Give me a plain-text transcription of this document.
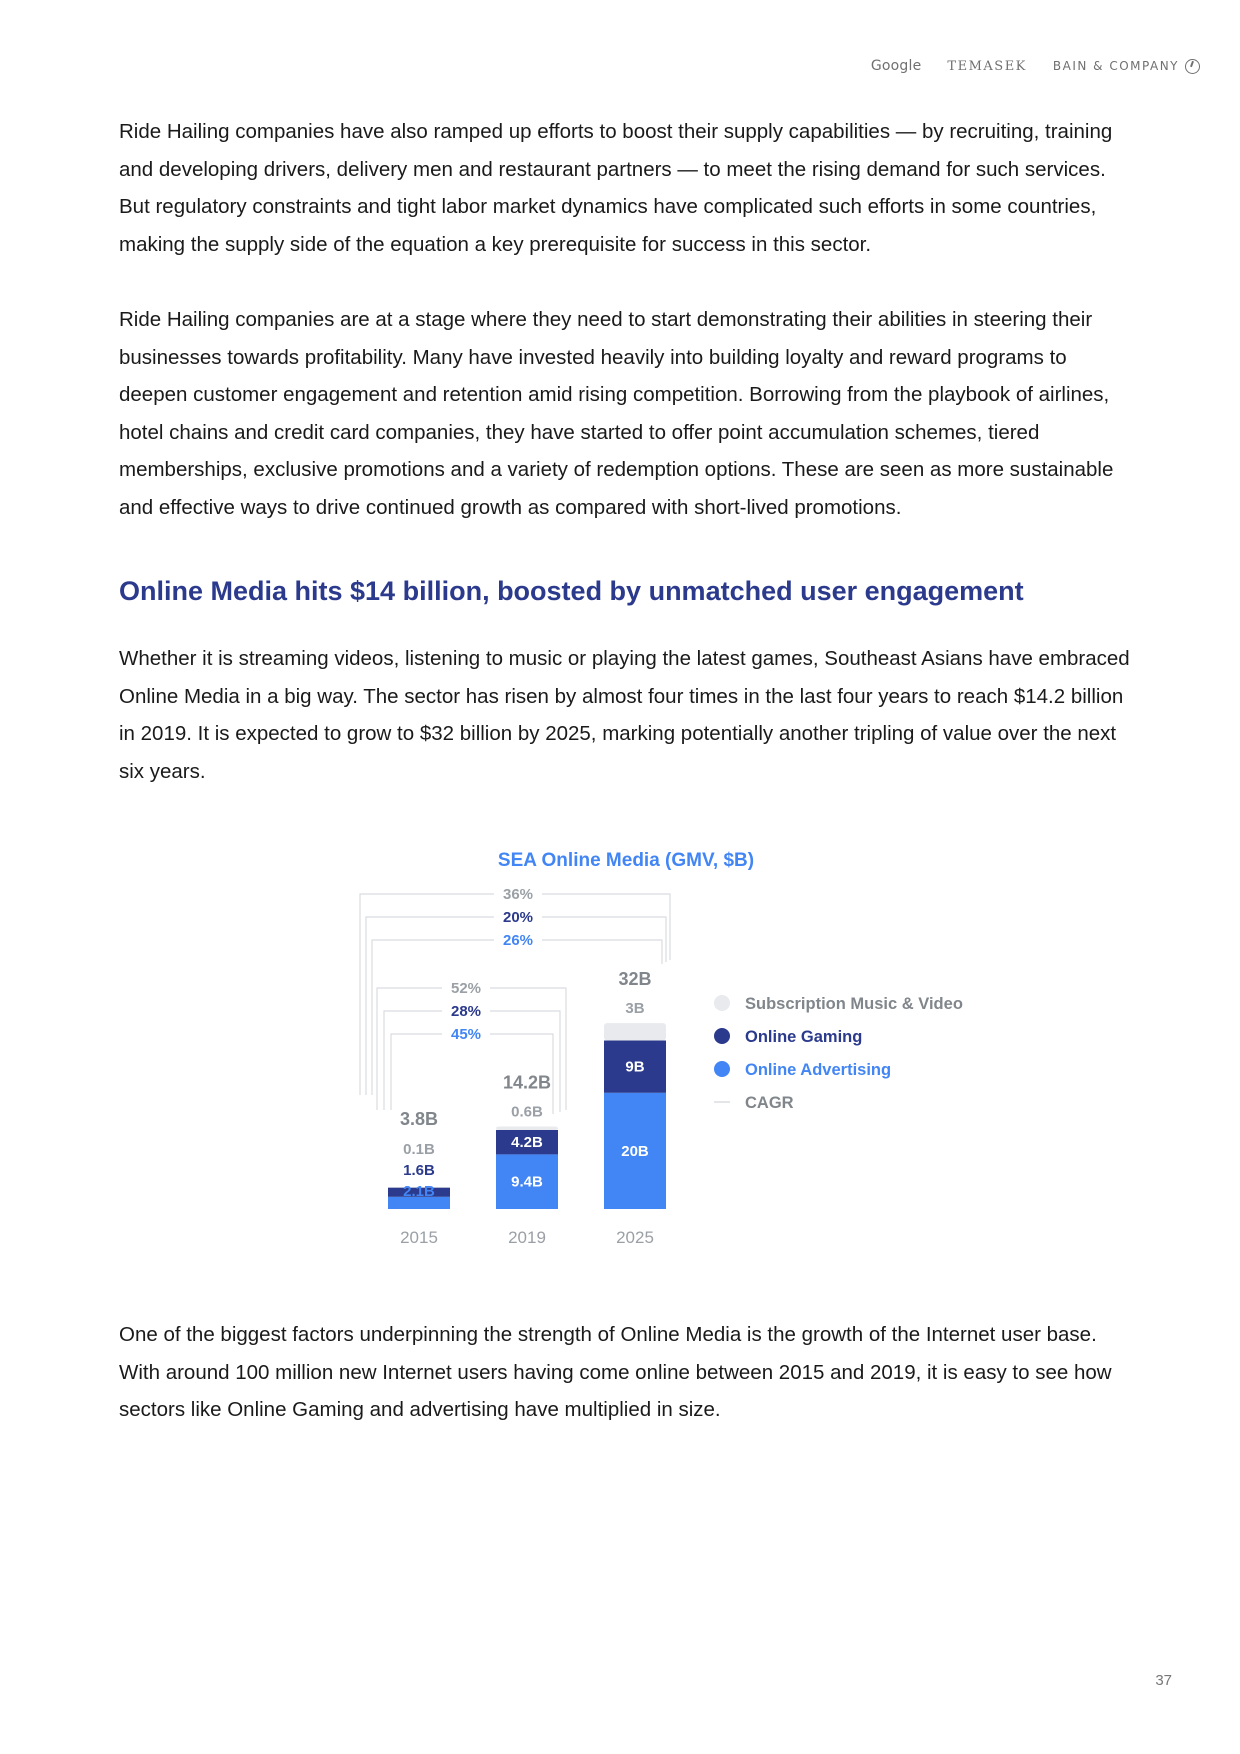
Google TEMASEK BAIN & COMPANY

Ride Hailing companies have also ramped up efforts to boost their supply capabilities — by recruiting, training and developing drivers, delivery men and restaurant partners — to meet the rising demand for such services. But regulatory constraints and tight labor market dynamics have complicated such efforts in some countries, making the supply side of the equation a key prerequisite for success in this sector.

Ride Hailing companies are at a stage where they need to start demonstrating their abilities in steering their businesses towards profitability. Many have invested heavily into building loyalty and reward programs to deepen customer engagement and retention amid rising competition. Borrowing from the playbook of airlines, hotel chains and credit card companies, they have started to offer point accumulation schemes, tiered memberships, exclusive promotions and a variety of redemption options. These are seen as more sustainable and effective ways to drive continued growth as compared with short-lived promotions.

Online Media hits $14 billion, boosted by unmatched user engagement

Whether it is streaming videos, listening to music or playing the latest games, Southeast Asians have embraced Online Media in a big way. The sector has risen by almost four times in the last four years to reach $14.2 billion in 2019. It is expected to grow to $32 billion by 2025, marking potentially another tripling of value over the next six years.

SEA Online Media (GMV, $B)
2015
2.1B
1.6B
0.1B
3.8B
2019
9.4B
4.2B
0.6B
14.2B
2025
20B
9B
3B
32B
52%
28%
45%
36%
20%
26%
Subscription Music & Video
Online Gaming
Online Advertising
CAGR

One of the biggest factors underpinning the strength of Online Media is the growth of the Internet user base. With around 100 million new Internet users having come online between 2015 and 2019, it is easy to see how sectors like Online Gaming and advertising have multiplied in size.

37
